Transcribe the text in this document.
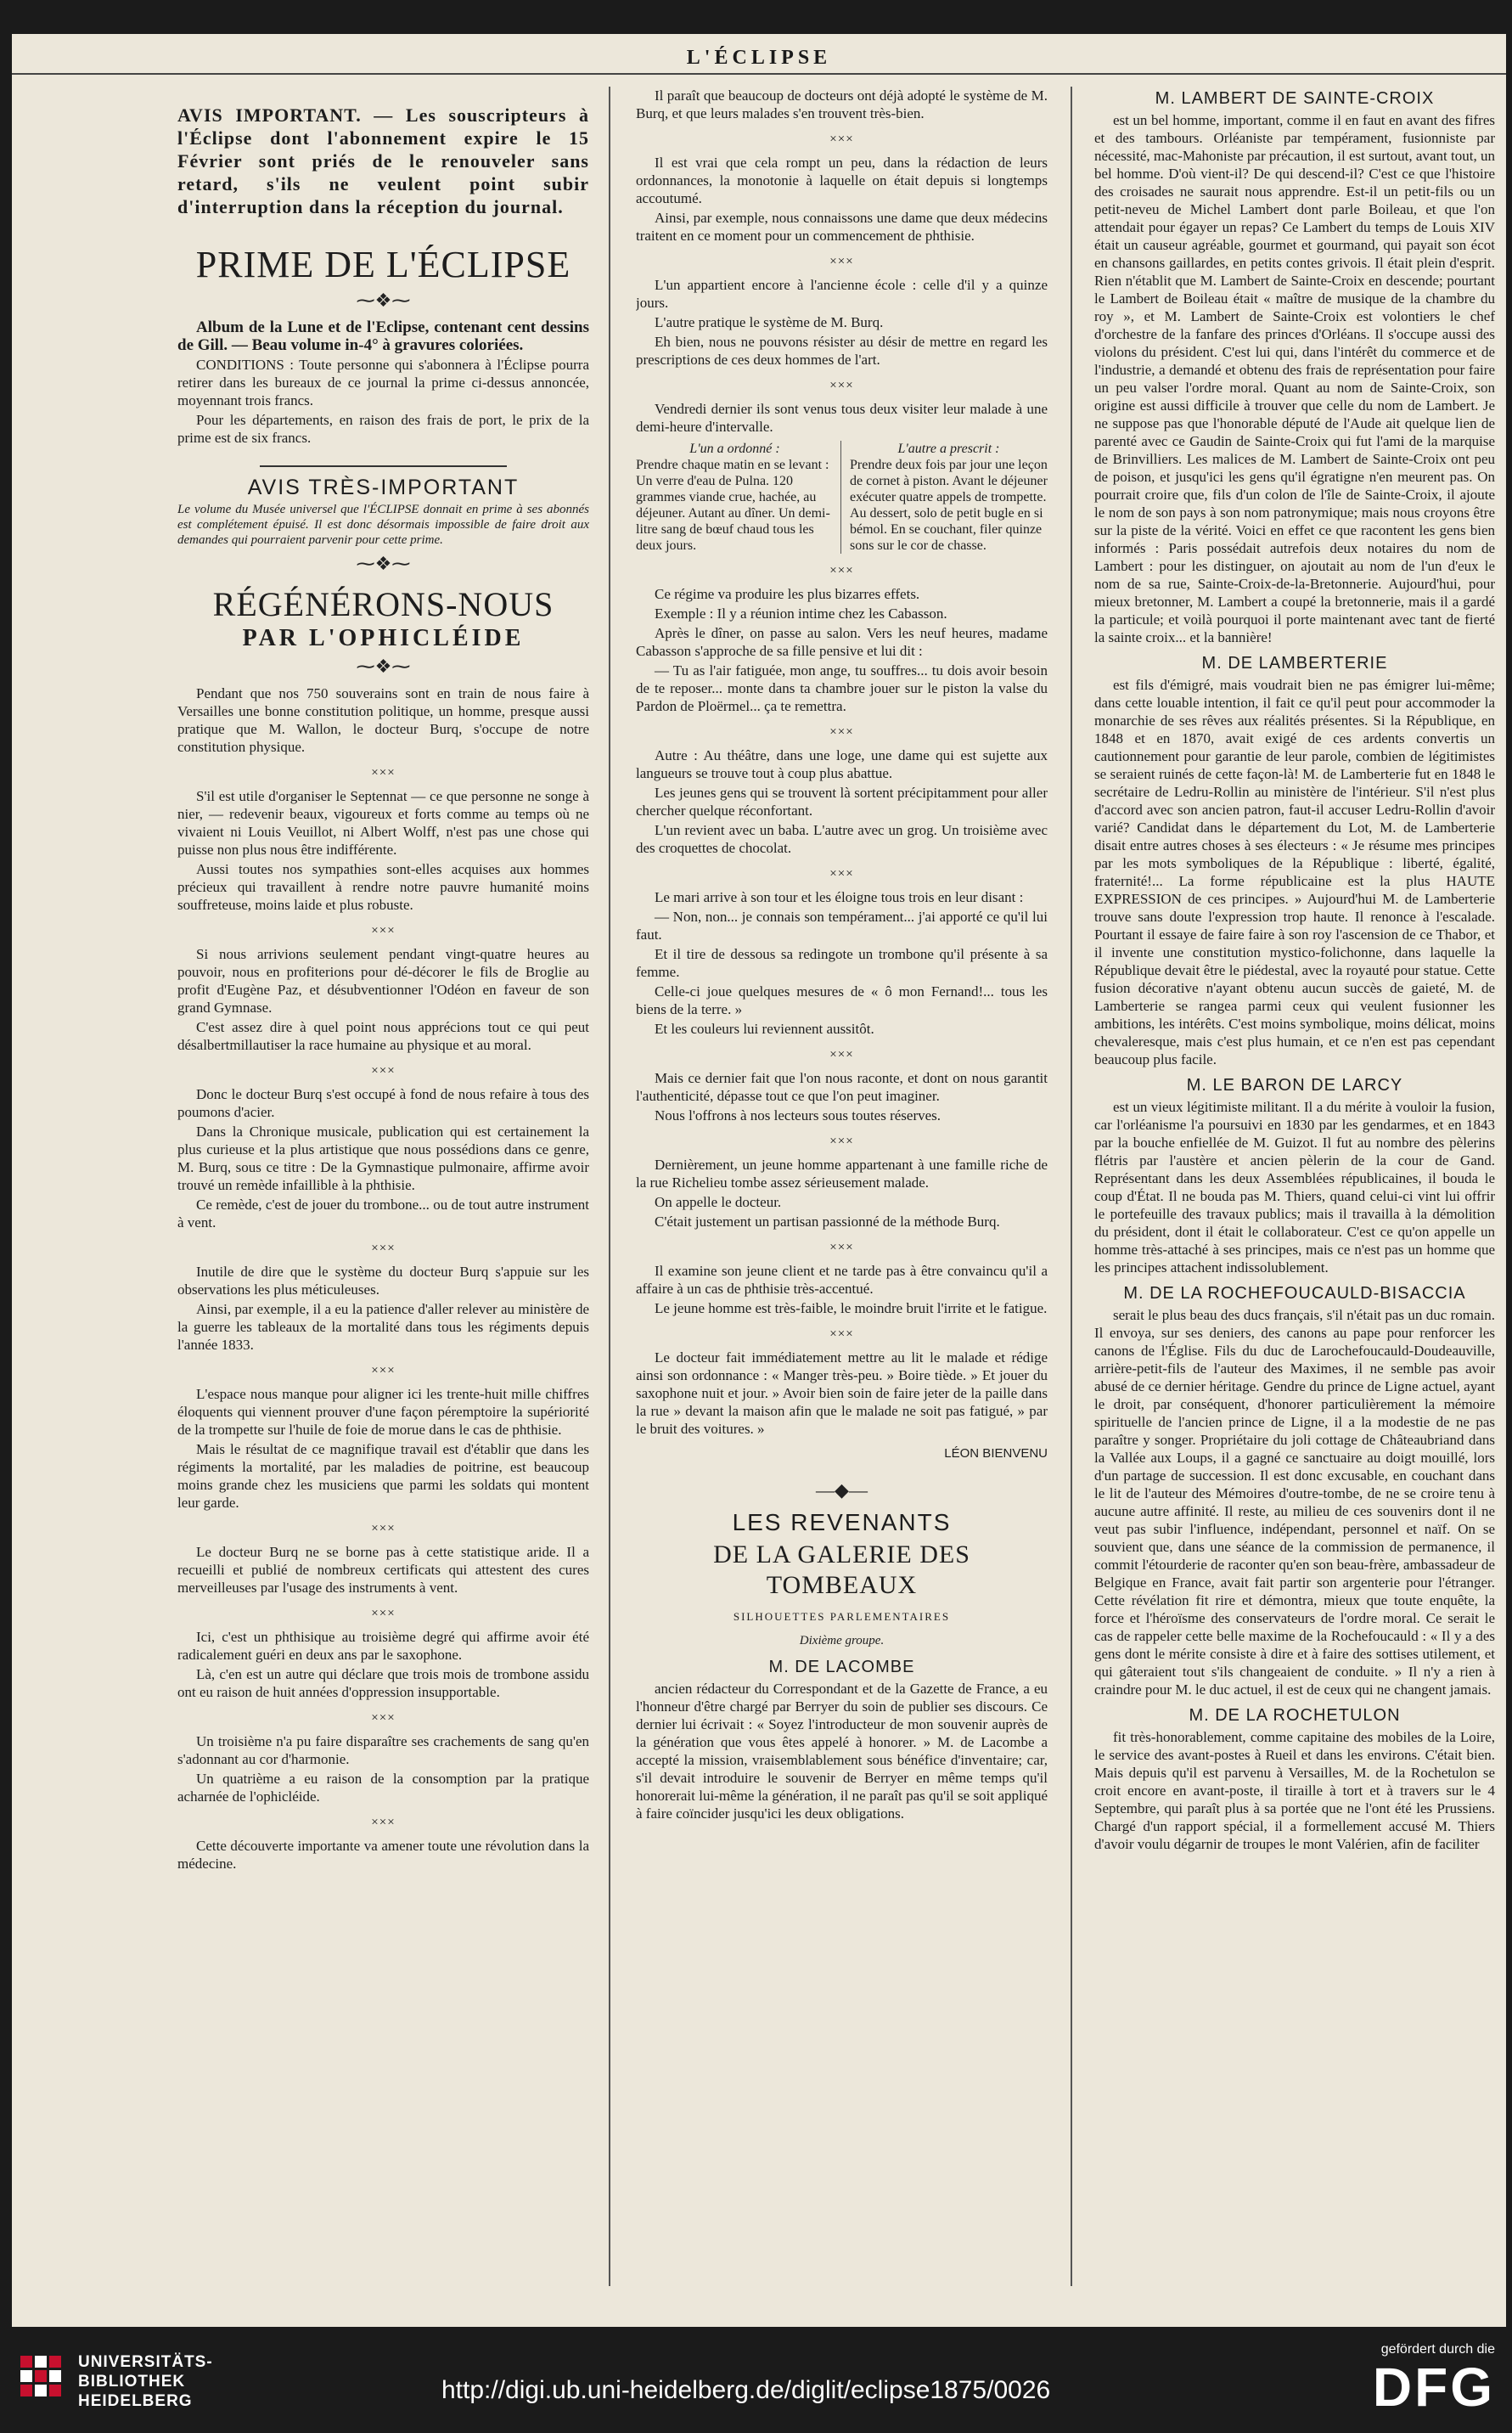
L'ÉCLIPSE

AVIS IMPORTANT. — Les souscripteurs à l'Éclipse dont l'abonnement expire le 15 Février sont priés de le renouveler sans retard, s'ils ne veulent point subir d'interruption dans la réception du journal.

PRIME DE L'ÉCLIPSE
⁓❖⁓

Album de la Lune et de l'Eclipse, contenant cent dessins de Gill. — Beau volume in-4° à gravures coloriées.

CONDITIONS : Toute personne qui s'abonnera à l'Éclipse pourra retirer dans les bureaux de ce journal la prime ci-dessus annoncée, moyennant trois francs.

Pour les départements, en raison des frais de port, le prix de la prime est de six francs.

AVIS TRÈS-IMPORTANT

Le volume du Musée universel que l'ÉCLIPSE donnait en prime à ses abonnés est complétement épuisé. Il est donc désormais impossible de faire droit aux demandes qui pourraient parvenir pour cette prime.

⁓❖⁓
RÉGÉNÉRONS-NOUS
PAR L'OPHICLÉIDE
⁓❖⁓

Pendant que nos 750 souverains sont en train de nous faire à Versailles une bonne constitution politique, un homme, presque aussi pratique que M. Wallon, le docteur Burq, s'occupe de notre constitution physique.

×××

S'il est utile d'organiser le Septennat — ce que personne ne songe à nier, — redevenir beaux, vigoureux et forts comme au temps où ne vivaient ni Louis Veuillot, ni Albert Wolff, n'est pas une chose qui puisse non plus nous être indifférente.

Aussi toutes nos sympathies sont-elles acquises aux hommes précieux qui travaillent à rendre notre pauvre humanité moins souffreteuse, moins laide et plus robuste.

×××

Si nous arrivions seulement pendant vingt-quatre heures au pouvoir, nous en profiterions pour dé-décorer le fils de Broglie au profit d'Eugène Paz, et désubventionner l'Odéon en faveur de son grand Gymnase.

C'est assez dire à quel point nous apprécions tout ce qui peut désalbertmillautiser la race humaine au physique et au moral.

×××

Donc le docteur Burq s'est occupé à fond de nous refaire à tous des poumons d'acier.

Dans la Chronique musicale, publication qui est certainement la plus curieuse et la plus artistique que nous possédions dans ce genre, M. Burq, sous ce titre : De la Gymnastique pulmonaire, affirme avoir trouvé un remède infaillible à la phthisie.

Ce remède, c'est de jouer du trombone... ou de tout autre instrument à vent.

×××

Inutile de dire que le système du docteur Burq s'appuie sur les observations les plus méticuleuses.

Ainsi, par exemple, il a eu la patience d'aller relever au ministère de la guerre les tableaux de la mortalité dans tous les régiments depuis l'année 1833.

×××

L'espace nous manque pour aligner ici les trente-huit mille chiffres éloquents qui viennent prouver d'une façon péremptoire la supériorité de la trompette sur l'huile de foie de morue dans le cas de phthisie.

Mais le résultat de ce magnifique travail est d'établir que dans les régiments la mortalité, par les maladies de poitrine, est beaucoup moins grande chez les musiciens que parmi les soldats qui montent leur garde.

×××

Le docteur Burq ne se borne pas à cette statistique aride. Il a recueilli et publié de nombreux certificats qui attestent des cures merveilleuses par l'usage des instruments à vent.

×××

Ici, c'est un phthisique au troisième degré qui affirme avoir été radicalement guéri en deux ans par le saxophone.

Là, c'en est un autre qui déclare que trois mois de trombone assidu ont eu raison de huit années d'oppression insupportable.

×××

Un troisième n'a pu faire disparaître ses crachements de sang qu'en s'adonnant au cor d'harmonie.

Un quatrième a eu raison de la consomption par la pratique acharnée de l'ophicléide.

×××

Cette découverte importante va amener toute une révolution dans la médecine.

Il paraît que beaucoup de docteurs ont déjà adopté le système de M. Burq, et que leurs malades s'en trouvent très-bien.

×××

Il est vrai que cela rompt un peu, dans la rédaction de leurs ordonnances, la monotonie à laquelle on était depuis si longtemps accoutumé.

Ainsi, par exemple, nous connaissons une dame que deux médecins traitent en ce moment pour un commencement de phthisie.

×××

L'un appartient encore à l'ancienne école : celle d'il y a quinze jours.

L'autre pratique le système de M. Burq.

Eh bien, nous ne pouvons résister au désir de mettre en regard les prescriptions de ces deux hommes de l'art.

×××

Vendredi dernier ils sont venus tous deux visiter leur malade à une demi-heure d'intervalle.

L'un a ordonné :
Prendre chaque matin en se levant : Un verre d'eau de Pulna. 120 grammes viande crue, hachée, au déjeuner. Autant au dîner. Un demi-litre sang de bœuf chaud tous les deux jours.
L'autre a prescrit :
Prendre deux fois par jour une leçon de cornet à piston. Avant le déjeuner exécuter quatre appels de trompette. Au dessert, solo de petit bugle en si bémol. En se couchant, filer quinze sons sur le cor de chasse.
×××

Ce régime va produire les plus bizarres effets.

Exemple : Il y a réunion intime chez les Cabasson.

Après le dîner, on passe au salon. Vers les neuf heures, madame Cabasson s'approche de sa fille pensive et lui dit :

— Tu as l'air fatiguée, mon ange, tu souffres... tu dois avoir besoin de te reposer... monte dans ta chambre jouer sur le piston la valse du Pardon de Ploërmel... ça te remettra.

×××

Autre : Au théâtre, dans une loge, une dame qui est sujette aux langueurs se trouve tout à coup plus abattue.

Les jeunes gens qui se trouvent là sortent précipitamment pour aller chercher quelque réconfortant.

L'un revient avec un baba. L'autre avec un grog. Un troisième avec des croquettes de chocolat.

×××

Le mari arrive à son tour et les éloigne tous trois en leur disant :

— Non, non... je connais son tempérament... j'ai apporté ce qu'il lui faut.

Et il tire de dessous sa redingote un trombone qu'il présente à sa femme.

Celle-ci joue quelques mesures de « ô mon Fernand!... tous les biens de la terre. »

Et les couleurs lui reviennent aussitôt.

×××

Mais ce dernier fait que l'on nous raconte, et dont on nous garantit l'authenticité, dépasse tout ce que l'on peut imaginer.

Nous l'offrons à nos lecteurs sous toutes réserves.

×××

Dernièrement, un jeune homme appartenant à une famille riche de la rue Richelieu tombe assez sérieusement malade.

On appelle le docteur.

C'était justement un partisan passionné de la méthode Burq.

×××

Il examine son jeune client et ne tarde pas à être convaincu qu'il a affaire à un cas de phthisie très-accentué.

Le jeune homme est très-faible, le moindre bruit l'irrite et le fatigue.

×××

Le docteur fait immédiatement mettre au lit le malade et rédige ainsi son ordonnance : « Manger très-peu. » Boire tiède. » Et jouer du saxophone nuit et jour. » Avoir bien soin de faire jeter de la paille dans la rue » devant la maison afin que le malade ne soit pas fatigué, » par le bruit des voitures. »

LÉON BIENVENU
—◆—
LES REVENANTS
DE LA GALERIE DES TOMBEAUX
SILHOUETTES PARLEMENTAIRES
Dixième groupe.
M. DE LACOMBE

ancien rédacteur du Correspondant et de la Gazette de France, a eu l'honneur d'être chargé par Berryer du soin de publier ses discours. Ce dernier lui écrivait : « Soyez l'introducteur de mon souvenir auprès de la génération que vous êtes appelé à honorer. » M. de Lacombe a accepté la mission, vraisemblablement sous bénéfice d'inventaire; car, s'il devait introduire le souvenir de Berryer en même temps qu'il honorerait lui-même la génération, il ne paraît pas qu'il se soit appliqué à faire coïncider jusqu'ici les deux obligations.

M. LAMBERT DE SAINTE-CROIX

est un bel homme, important, comme il en faut en avant des fifres et des tambours. Orléaniste par tempérament, fusionniste par nécessité, mac-Mahoniste par précaution, il est surtout, avant tout, un bel homme. D'où vient-il? De qui descend-il? C'est ce que l'histoire des croisades ne saurait nous apprendre. Est-il un petit-fils ou un petit-neveu de Michel Lambert dont parle Boileau, et que l'on attendait pour égayer un repas? Ce Lambert du temps de Louis XIV était un causeur agréable, gourmet et gourmand, qui payait son écot en chansons gaillardes, en petits contes grivois. Il était plein d'esprit. Rien n'établit que M. Lambert de Sainte-Croix en descende; pourtant le Lambert de Boileau était « maître de musique de la chambre du roy », et M. Lambert de Sainte-Croix est volontiers le chef d'orchestre de la fanfare des princes d'Orléans. Il s'occupe aussi des violons du président. C'est lui qui, dans l'intérêt du commerce et de l'industrie, a demandé et obtenu des frais de représentation pour faire un peu valser l'ordre moral. Quant au nom de Sainte-Croix, son origine est aussi difficile à trouver que celle du nom de Lambert. Je ne suppose pas que l'honorable député de l'Aude ait quelque lien de parenté avec ce Gaudin de Sainte-Croix qui fut l'ami de la marquise de Brinvilliers. Les malices de M. Lambert de Sainte-Croix ont peu de poison, et jusqu'ici les gens qu'il égratigne n'en meurent pas. On pourrait croire que, fils d'un colon de l'île de Sainte-Croix, il ajoute le nom de son pays à son nom patronymique; mais nous croyons être sur la piste de la vérité. Voici en effet ce que racontent les gens bien informés : Paris possédait autrefois deux notaires du nom de Lambert : pour les distinguer, on ajoutait au nom de l'un d'eux le nom de sa rue, Sainte-Croix-de-la-Bretonnerie. Aujourd'hui, pour mieux bretonner, M. Lambert a coupé la bretonnerie, mais il a gardé la particule; et voilà pourquoi il porte maintenant avec tant de fierté la sainte croix... et la bannière!

M. DE LAMBERTERIE

est fils d'émigré, mais voudrait bien ne pas émigrer lui-même; dans cette louable intention, il fait ce qu'il peut pour accommoder la monarchie de ses rêves aux réalités présentes. Si la République, en 1848 et en 1870, avait exigé de ces ardents convertis un cautionnement pour garantie de leur parole, combien de légitimistes se seraient ruinés de cette façon-là! M. de Lamberterie fut en 1848 le secrétaire de Ledru-Rollin au ministère de l'intérieur. S'il n'est plus d'accord avec son ancien patron, faut-il accuser Ledru-Rollin d'avoir varié? Candidat dans le département du Lot, M. de Lamberterie disait entre autres choses à ses électeurs : « Je résume mes principes par les mots symboliques de la République : liberté, égalité, fraternité!... La forme républicaine est la plus HAUTE EXPRESSION de ces principes. » Aujourd'hui M. de Lamberterie trouve sans doute l'expression trop haute. Il renonce à l'escalade. Pourtant il essaye de faire faire à son roy l'ascension de ce Thabor, et il invente une constitution mystico-folichonne, dans laquelle la République devait être le piédestal, avec la royauté pour statue. Cette fusion décorative n'ayant obtenu aucun succès de gaieté, M. de Lamberterie se rangea parmi ceux qui veulent fusionner les ambitions, les intérêts. C'est moins symbolique, moins délicat, moins chevaleresque, mais c'est plus humain, et ce n'en est pas cependant beaucoup plus facile.

M. LE BARON DE LARCY

est un vieux légitimiste militant. Il a du mérite à vouloir la fusion, car l'orléanisme l'a poursuivi en 1830 par les gendarmes, et en 1843 par la bouche enfiellée de M. Guizot. Il fut au nombre des pèlerins flétris par l'austère et ancien pèlerin de la cour de Gand. Représentant dans les deux Assemblées républicaines, il bouda le coup d'État. Il ne bouda pas M. Thiers, quand celui-ci vint lui offrir le portefeuille des travaux publics; mais il travailla à la démolition du président, dont il était le collaborateur. C'est ce qu'on appelle un homme très-attaché à ses principes, mais ce n'est pas un homme que les principes attachent indissolublement.

M. DE LA ROCHEFOUCAULD-BISACCIA

serait le plus beau des ducs français, s'il n'était pas un duc romain. Il envoya, sur ses deniers, des canons au pape pour renforcer les canons de l'Église. Fils du duc de Larochefoucauld-Doudeauville, arrière-petit-fils de l'auteur des Maximes, il ne semble pas avoir abusé de ce dernier héritage. Gendre du prince de Ligne actuel, ayant le droit, par conséquent, d'honorer particulièrement la mémoire spirituelle de l'ancien prince de Ligne, il a la modestie de ne pas paraître y songer. Propriétaire du joli cottage de Châteaubriand dans la Vallée aux Loups, il a gagné ce sanctuaire au doigt mouillé, lors d'un partage de succession. Il est donc excusable, en couchant dans le lit de l'auteur des Mémoires d'outre-tombe, de ne se croire tenu à aucune autre affinité. Il reste, au milieu de ces souvenirs dont il ne veut pas subir l'influence, indépendant, personnel et naïf. On se souvient que, dans une séance de la commission de permanence, il commit l'étourderie de raconter qu'en son beau-frère, ambassadeur de Belgique en France, avait fait partir son argenterie pour l'étranger. Cette révélation fit rire et démontra, mieux que toute enquête, la force et l'héroïsme des conservateurs de l'ordre moral. Ce serait le cas de rappeler cette belle maxime de la Rochefoucauld : « Il y a des gens dont le mérite consiste à dire et à faire des sottises utilement, et qui gâteraient tout s'ils changeaient de conduite. » Il n'y a rien à craindre pour M. le duc actuel, il est de ceux qui ne changent jamais.

M. DE LA ROCHETULON

fit très-honorablement, comme capitaine des mobiles de la Loire, le service des avant-postes à Rueil et dans les environs. C'était bien. Mais depuis qu'il est parvenu à Versailles, M. de la Rochetulon se croit encore en avant-poste, il tiraille à tort et à travers sur le 4 Septembre, qui paraît plus à sa portée que ne l'ont été les Prussiens. Chargé d'un rapport spécial, il a formellement accusé M. Thiers d'avoir voulu dégarnir de troupes le mont Valérien, afin de faciliter

UNIVERSITÄTS-
BIBLIOTHEK
HEIDELBERG	http://digi.ub.uni-heidelberg.de/diglit/eclipse1875/0026
gefördert durch die
DFG
